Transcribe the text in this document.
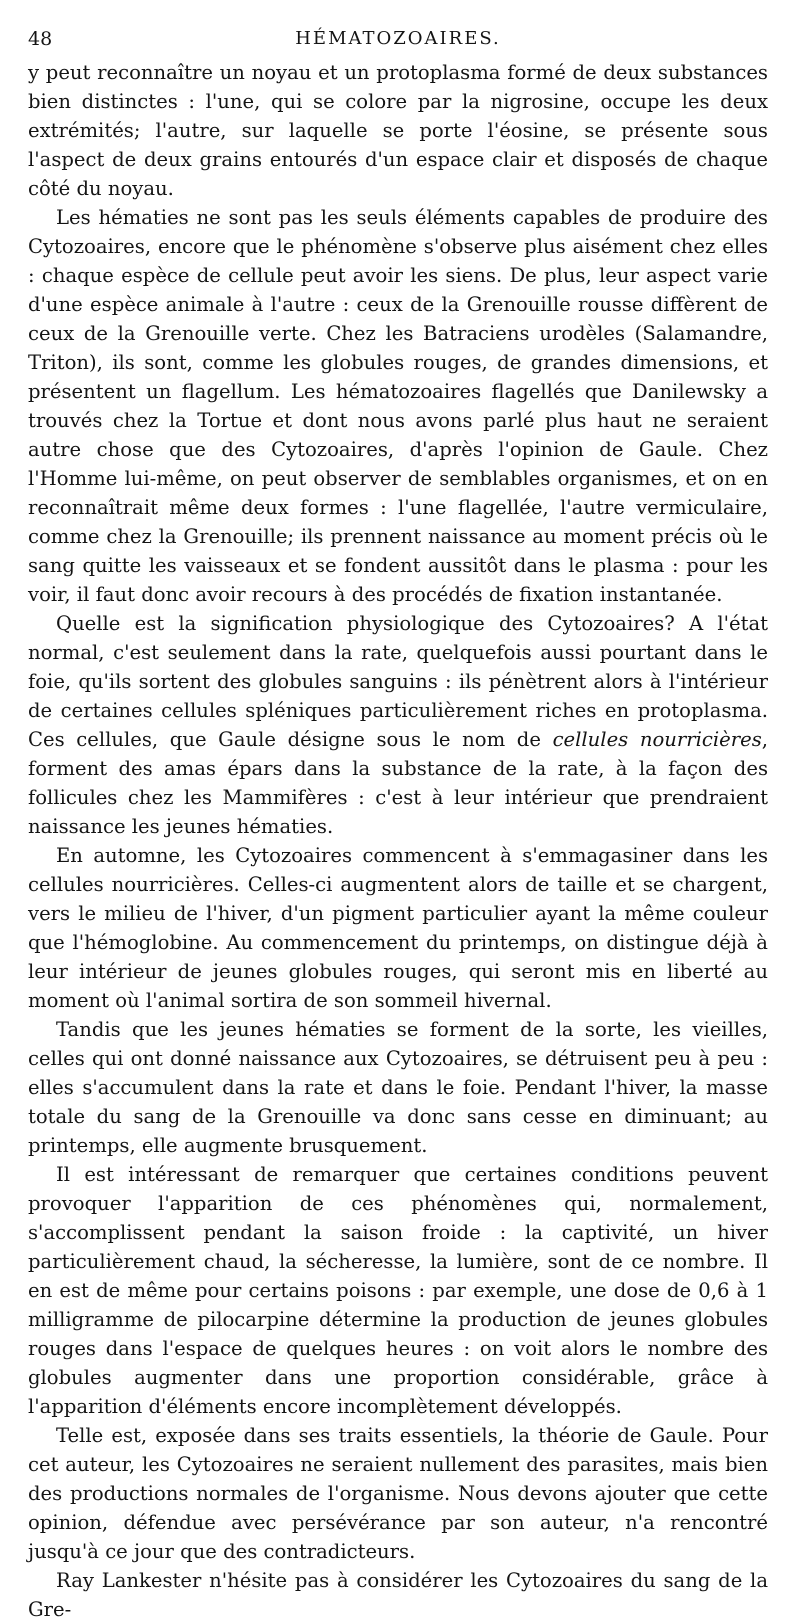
48	HÉMATOZOAIRES.

y peut reconnaître un noyau et un protoplasma formé de deux substances bien distinctes : l'une, qui se colore par la nigrosine, occupe les deux extrémités; l'autre, sur laquelle se porte l'éosine, se présente sous l'aspect de deux grains entourés d'un espace clair et disposés de chaque côté du noyau.

Les hématies ne sont pas les seuls éléments capables de produire des Cytozoaires, encore que le phénomène s'observe plus aisément chez elles : chaque espèce de cellule peut avoir les siens. De plus, leur aspect varie d'une espèce animale à l'autre : ceux de la Grenouille rousse diffèrent de ceux de la Grenouille verte. Chez les Batraciens urodèles (Salamandre, Triton), ils sont, comme les globules rouges, de grandes dimensions, et présentent un flagellum. Les hématozoaires flagellés que Danilewsky a trouvés chez la Tortue et dont nous avons parlé plus haut ne seraient autre chose que des Cytozoaires, d'après l'opinion de Gaule. Chez l'Homme lui-même, on peut observer de semblables organismes, et on en reconnaîtrait même deux formes : l'une flagellée, l'autre vermiculaire, comme chez la Grenouille; ils prennent naissance au moment précis où le sang quitte les vaisseaux et se fondent aussitôt dans le plasma : pour les voir, il faut donc avoir recours à des procédés de fixation instantanée.

Quelle est la signification physiologique des Cytozoaires? A l'état normal, c'est seulement dans la rate, quelquefois aussi pourtant dans le foie, qu'ils sortent des globules sanguins : ils pénètrent alors à l'intérieur de certaines cellules spléniques particulièrement riches en protoplasma. Ces cellules, que Gaule désigne sous le nom de cellules nourricières, forment des amas épars dans la substance de la rate, à la façon des follicules chez les Mammifères : c'est à leur intérieur que prendraient naissance les jeunes hématies.

En automne, les Cytozoaires commencent à s'emmagasiner dans les cellules nourricières. Celles-ci augmentent alors de taille et se chargent, vers le milieu de l'hiver, d'un pigment particulier ayant la même couleur que l'hémoglobine. Au commencement du printemps, on distingue déjà à leur intérieur de jeunes globules rouges, qui seront mis en liberté au moment où l'animal sortira de son sommeil hivernal.

Tandis que les jeunes hématies se forment de la sorte, les vieilles, celles qui ont donné naissance aux Cytozoaires, se détruisent peu à peu : elles s'accumulent dans la rate et dans le foie. Pendant l'hiver, la masse totale du sang de la Grenouille va donc sans cesse en diminuant; au printemps, elle augmente brusquement.

Il est intéressant de remarquer que certaines conditions peuvent provoquer l'apparition de ces phénomènes qui, normalement, s'accomplissent pendant la saison froide : la captivité, un hiver particulièrement chaud, la sécheresse, la lumière, sont de ce nombre. Il en est de même pour certains poisons : par exemple, une dose de 0,6 à 1 milligramme de pilocarpine détermine la production de jeunes globules rouges dans l'espace de quelques heures : on voit alors le nombre des globules augmenter dans une proportion considérable, grâce à l'apparition d'éléments encore incomplètement développés.

Telle est, exposée dans ses traits essentiels, la théorie de Gaule. Pour cet auteur, les Cytozoaires ne seraient nullement des parasites, mais bien des productions normales de l'organisme. Nous devons ajouter que cette opinion, défendue avec persévérance par son auteur, n'a rencontré jusqu'à ce jour que des contradicteurs.

Ray Lankester n'hésite pas à considérer les Cytozoaires du sang de la Gre-
